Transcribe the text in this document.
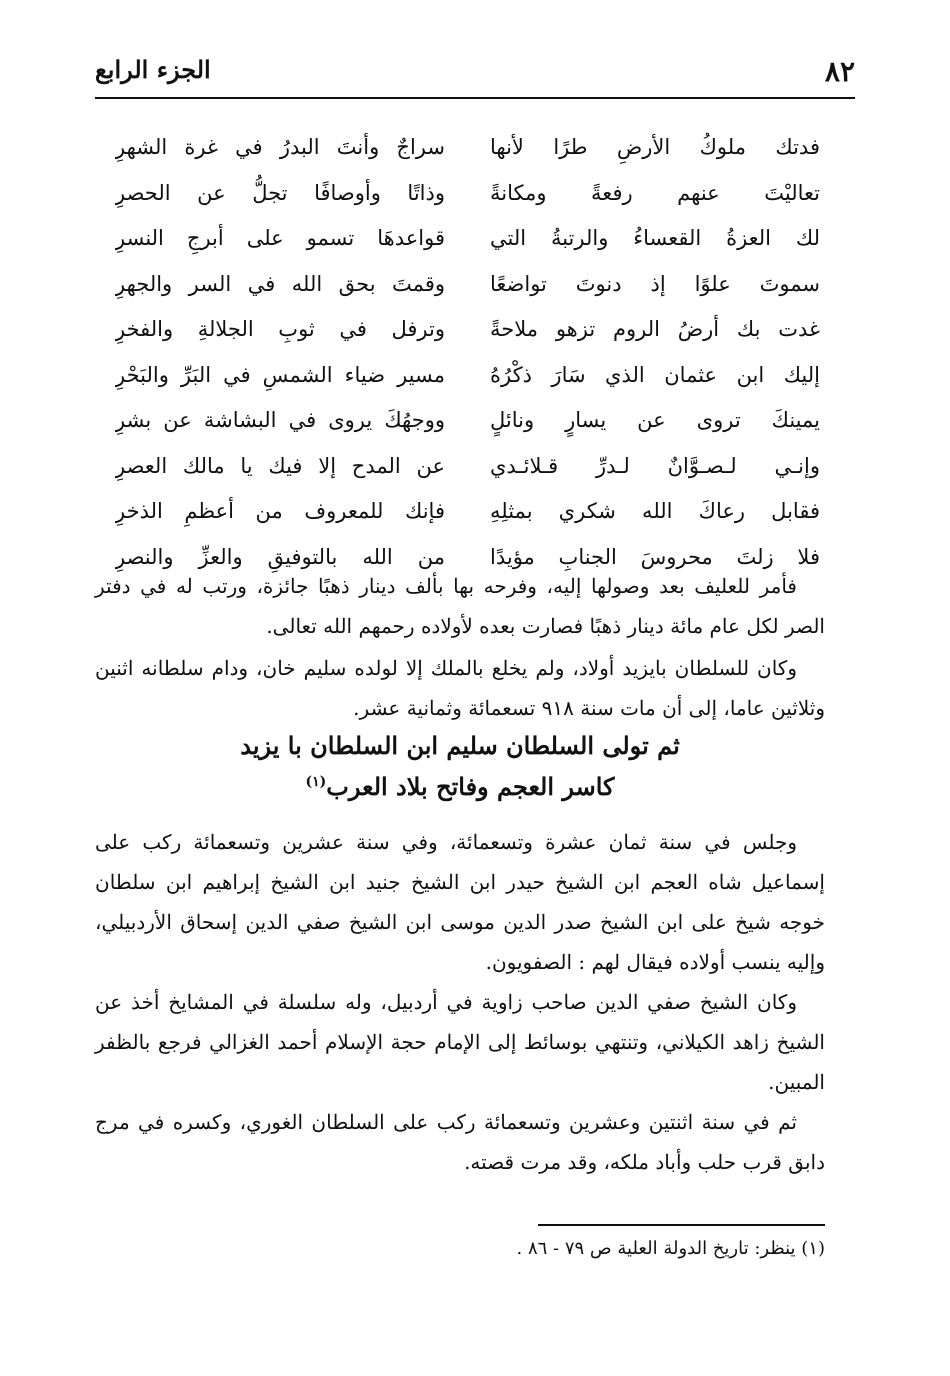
٨٢
الجزء الرابع
فدتك ملوكُ الأرضِ طرًا لأنها
سراجٌ وأنتَ البدرُ في غرة الشهرِ
تعاليْتَ عنهم رفعةً ومكانةً
وذاتًا وأوصافًا تجلُّ عن الحصرِ
لك العزةُ القعساءُ والرتبةُ التي
قواعدهَا تسمو على أبرجِ النسرِ
سموتَ علوًا إذ دنوتَ تواضعًا
وقمتَ بحق الله في السر والجهرِ
غدت بك أرضُ الروم تزهو ملاحةً
وترفل في ثوبِ الجلالةِ والفخرِ
إليك ابن عثمان الذي سَارَ ذكْرُهُ
مسير ضياء الشمسِ في البَرِّ والبَحْرِ
يمينكَ تروى عن يسارٍ ونائلٍ
ووجهُكَ يروى في البشاشة عن بشرِ
وإنـي لـصـوَّانٌ لـدرِّ قـلائـدي
عن المدح إلا فيك يا مالك العصرِ
فقابل رعاكَ الله شكري بمثلِهِ
فإنك للمعروف من أعظمِ الذخرِ
فلا زلتَ محروسَ الجنابِ مؤيدًا
من الله بالتوفيقِ والعزِّ والنصرِ

فأمر للعليف بعد وصولها إليه، وفرحه بها بألف دينار ذهبًا جائزة، ورتب له في دفتر الصر لكل عام مائة دينار ذهبًا فصارت بعده لأولاده رحمهم الله تعالى.

وكان للسلطان بايزيد أولاد، ولم يخلع بالملك إلا لولده سليم خان، ودام سلطانه اثنين وثلاثين عاما، إلى أن مات سنة ٩١٨ تسعمائة وثمانية عشر.

ثم تولى السلطان سليم ابن السلطان با يزيد
كاسر العجم وفاتح بلاد العرب$^{(١)}$

وجلس في سنة ثمان عشرة وتسعمائة، وفي سنة عشرين وتسعمائة ركب على إسماعيل شاه العجم ابن الشيخ حيدر ابن الشيخ جنيد ابن الشيخ إبراهيم ابن سلطان خوجه شيخ على ابن الشيخ صدر الدين موسى ابن الشيخ صفي الدين إسحاق الأردبيلي، وإليه ينسب أولاده فيقال لهم : الصفويون.

وكان الشيخ صفي الدين صاحب زاوية في أردبيل، وله سلسلة في المشايخ أخذ عن الشيخ زاهد الكيلاني، وتنتهي بوسائط إلى الإمام حجة الإسلام أحمد الغزالي فرجع بالظفر المبين.

ثم في سنة اثنتين وعشرين وتسعمائة ركب على السلطان الغوري، وكسره في مرج دابق قرب حلب وأباد ملكه، وقد مرت قصته.

(١) ينظر: تاريخ الدولة العلية ص ٧٩ - ٨٦ .
